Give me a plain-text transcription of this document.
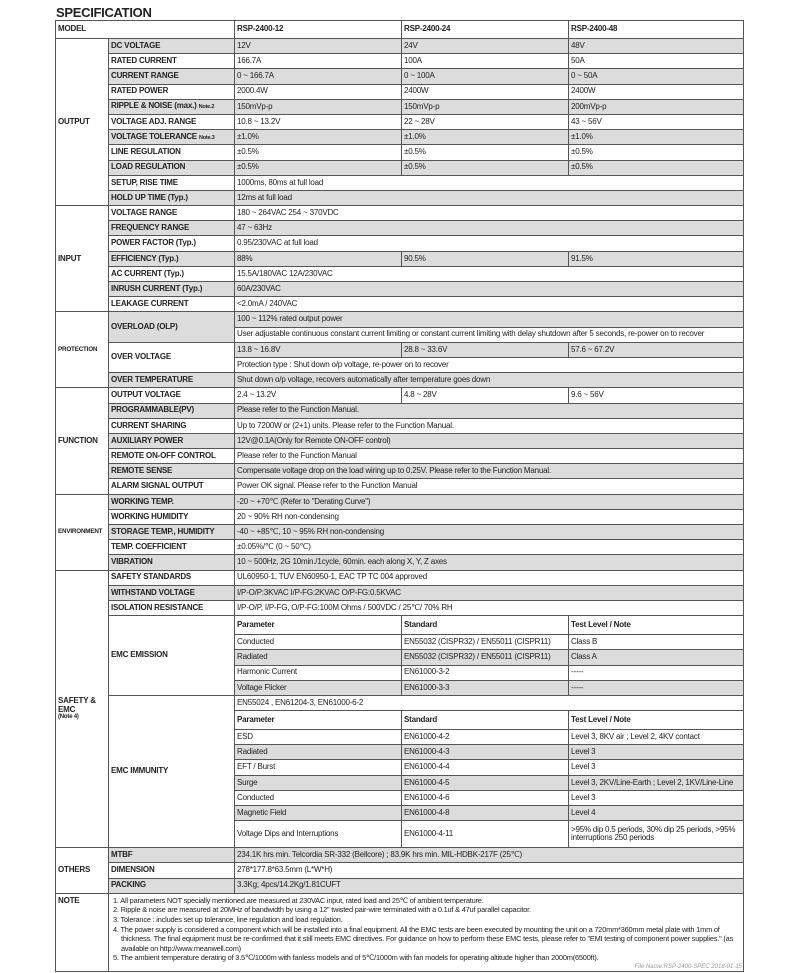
SPECIFICATION
MODEL		RSP-2400-12	RSP-2400-24	RSP-2400-48
OUTPUT	DC VOLTAGE	12V	24V	48V
	RATED CURRENT	166.7A	100A	50A
	CURRENT RANGE	0 ~ 166.7A	0 ~ 100A	0 ~ 50A
	RATED POWER	2000.4W	2400W	2400W
	RIPPLE & NOISE (max.) Note.2	150mVp-p	150mVp-p	200mVp-p
	VOLTAGE ADJ. RANGE	10.8 ~ 13.2V	22 ~ 28V	43 ~ 56V
	VOLTAGE TOLERANCE Note.3	±1.0%	±1.0%	±1.0%
	LINE REGULATION	±0.5%	±0.5%	±0.5%
	LOAD REGULATION	±0.5%	±0.5%	±0.5%
	SETUP, RISE TIME	1000ms, 80ms at full load		
	HOLD UP TIME (Typ.)	12ms at full load		
INPUT	VOLTAGE RANGE	180 ~ 264VAC 254 ~ 370VDC		
	FREQUENCY RANGE	47 ~ 63Hz		
	POWER FACTOR (Typ.)	0.95/230VAC at full load		
	EFFICIENCY (Typ.)	88%	90.5%	91.5%
	AC CURRENT (Typ.)	15.5A/180VAC 12A/230VAC		
	INRUSH CURRENT (Typ.)	60A/230VAC		
	LEAKAGE CURRENT	<2.0mA / 240VAC		
PROTECTION	OVERLOAD (OLP)	100 ~ 112% rated output power		
		User adjustable continuous constant current limiting or constant current limiting with delay shutdown after 5 seconds, re-power on to recover		
	OVER VOLTAGE	13.8 ~ 16.8V	28.8 ~ 33.6V	57.6 ~ 67.2V
		Protection type : Shut down o/p voltage, re-power on to recover		
	OVER TEMPERATURE	Shut down o/p voltage, recovers automatically after temperature goes down		
FUNCTION	OUTPUT VOLTAGE	2.4 ~ 13.2V	4.8 ~ 28V	9.6 ~ 56V
	PROGRAMMABLE(PV)	Please refer to the Function Manual.		
	CURRENT SHARING	Up to 7200W or (2+1) units. Please refer to the Function Manual.		
	AUXILIARY POWER	12V@0.1A(Only for Remote ON-OFF control)		
	REMOTE ON-OFF CONTROL	Please refer to the Function Manual		
	REMOTE SENSE	Compensate voltage drop on the load wiring up to 0.25V. Please refer to the Function Manual.		
	ALARM SIGNAL OUTPUT	Power OK signal. Please refer to the Function Manual		
ENVIRONMENT	WORKING TEMP.	-20 ~ +70℃ (Refer to "Derating Curve")		
	WORKING HUMIDITY	20 ~ 90% RH non-condensing		
	STORAGE TEMP., HUMIDITY	-40 ~ +85℃, 10 ~ 95% RH non-condensing		
	TEMP. COEFFICIENT	±0.05%/℃ (0 ~ 50℃)		
	VIBRATION	10 ~ 500Hz, 2G 10min./1cycle, 60min. each along X, Y, Z axes		
SAFETY &
EMC
(Note 4)	SAFETY STANDARDS	UL60950-1, TUV EN60950-1, EAC TP TC 004 approved		
	WITHSTAND VOLTAGE	I/P-O/P:3KVAC I/P-FG:2KVAC O/P-FG:0.5KVAC		
	ISOLATION RESISTANCE	I/P-O/P, I/P-FG, O/P-FG:100M Ohms / 500VDC / 25℃/ 70% RH		
	EMC EMISSION	Parameter	Standard	Test Level / Note
		Conducted	EN55032 (CISPR32) / EN55011 (CISPR11)	Class B
		Radiated	EN55032 (CISPR32) / EN55011 (CISPR11)	Class A
		Harmonic Current	EN61000-3-2	-----
		Voltage Flicker	EN61000-3-3	-----
	EMC IMMUNITY	EN55024 , EN61204-3, EN61000-6-2		
		Parameter	Standard	Test Level / Note
		ESD	EN61000-4-2	Level 3, 8KV air ; Level 2, 4KV contact
		Radiated	EN61000-4-3	Level 3
		EFT / Burst	EN61000-4-4	Level 3
		Surge	EN61000-4-5	Level 3, 2KV/Line-Earth ; Level 2, 1KV/Line-Line
		Conducted	EN61000-4-6	Level 3
		Magnetic Field	EN61000-4-8	Level 4
		Voltage Dips and Interruptions	EN61000-4-11	>95% dip 0.5 periods, 30% dip 25 periods, >95% interruptions 250 periods
OTHERS	MTBF	234.1K hrs min. Telcordia SR-332 (Bellcore) ; 83.9K hrs min. MIL-HDBK-217F (25℃)		
	DIMENSION	278*177.8*63.5mm (L*W*H)		
	PACKING	3.3Kg; 4pcs/14.2Kg/1.81CUFT		
NOTE	1. All parameters NOT specially mentioned are measured at 230VAC input, rated load and 25℃ of ambient temperature.
2. Ripple & noise are measured at 20MHz of bandwidth by using a 12" twisted pair-wire terminated with a 0.1uf & 47uf parallel capacitor.
3. Tolerance : includes set up tolerance, line regulation and load regulation.
4. The power supply is considered a component which will be installed into a final equipment. All the EMC tests are been executed by mounting the unit on a 720mm*360mm metal plate with 1mm of thickness. The final equipment must be re-confirmed that it still meets EMC directives. For guidance on how to perform these EMC tests, please refer to "EMI testing of component power supplies." (as available on http://www.meanwell.com)
5. The ambient temperature derating of 3.5℃/1000m with fanless models and of 5℃/1000m with fan models for operating altitude higher than 2000m(6500ft).			
File Name:RSP-2400-SPEC 2018-01-15
